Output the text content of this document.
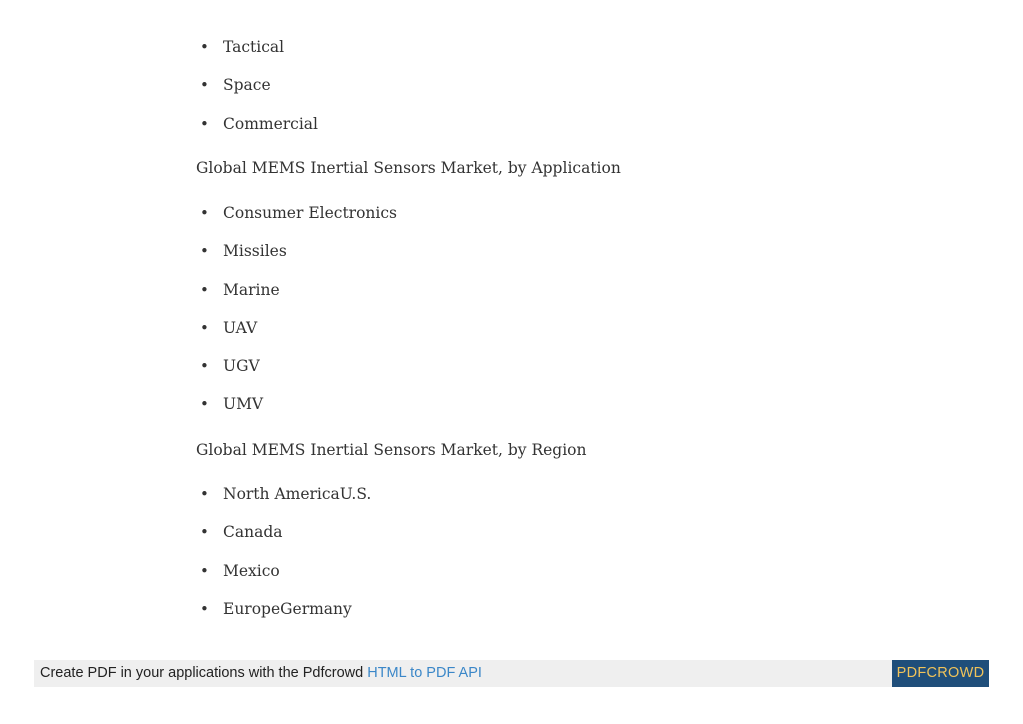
• Tactical
• Space
• Commercial

Global MEMS Inertial Sensors Market, by Application

• Consumer Electronics
• Missiles
• Marine
• UAV
• UGV
• UMV

Global MEMS Inertial Sensors Market, by Region

• North AmericaU.S.
• Canada
• Mexico
• EuropeGermany
Create PDF in your applications with the Pdfcrowd HTML to PDF API	PDFCROWD
